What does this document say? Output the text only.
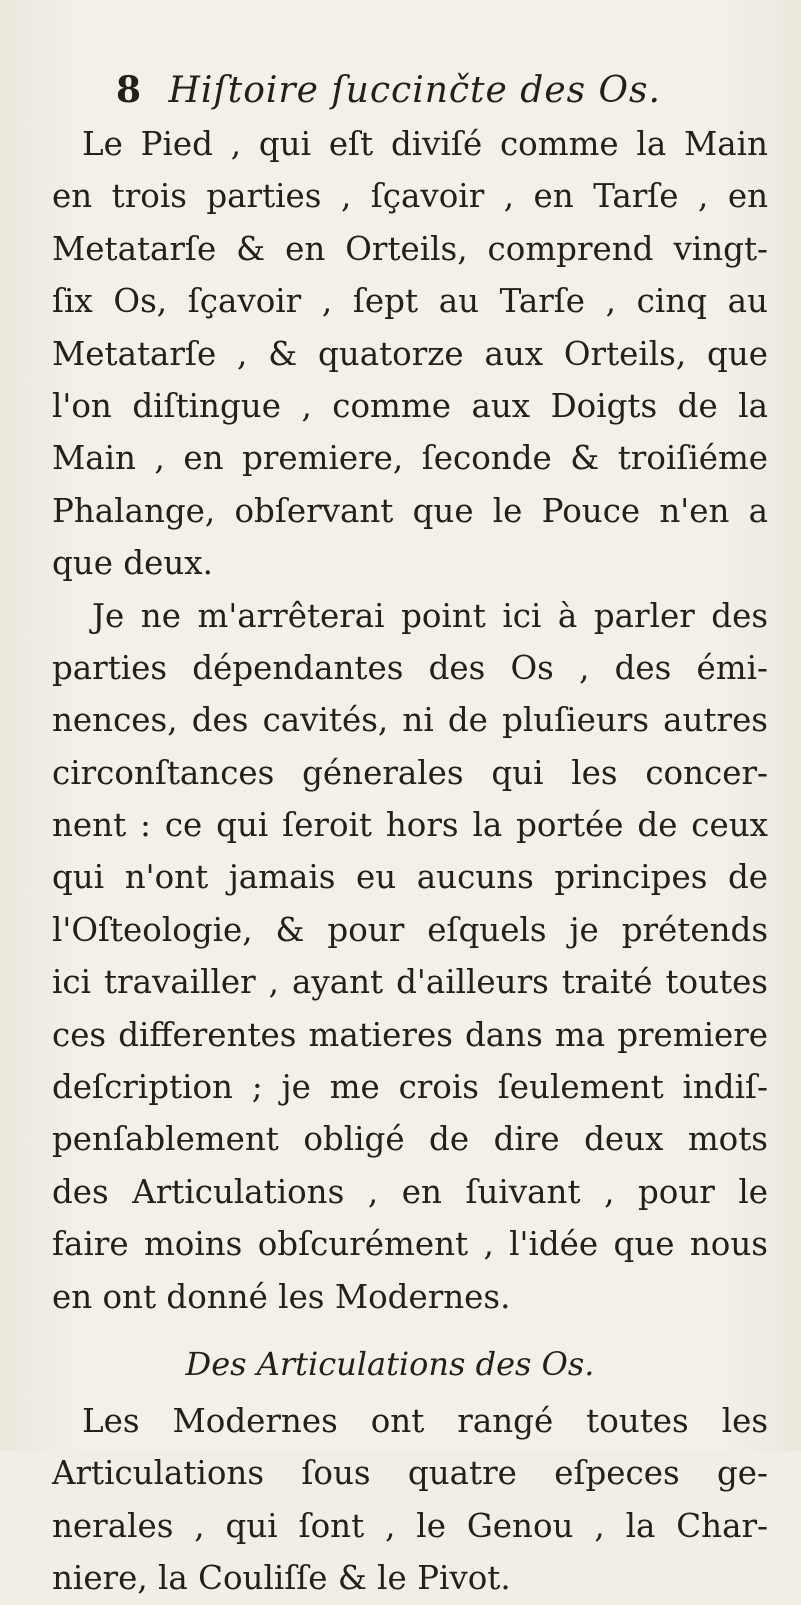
8 Hiſtoire ſuccinčte des Os.
Le Pied , qui eſt diviſé comme la Main
en trois parties , ſçavoir , en Tarſe , en
Metatarſe & en Orteils, comprend vingt-
ſix Os, ſçavoir , ſept au Tarſe , cinq au
Metatarſe , & quatorze aux Orteils, que
l'on diſtingue , comme aux Doigts de la
Main , en premiere, ſeconde & troiſiéme
Phalange, obſervant que le Pouce n'en a
que deux.
Je ne m'arrêterai point ici à parler des
parties dépendantes des Os , des émi-
nences, des cavités, ni de pluſieurs autres
circonſtances génerales qui les concer-
nent : ce qui ſeroit hors la portée de ceux
qui n'ont jamais eu aucuns principes de
l'Oſteologie, & pour eſquels je prétends
ici travailler , ayant d'ailleurs traité toutes
ces differentes matieres dans ma premiere
deſcription ; je me crois ſeulement indiſ-
penſablement obligé de dire deux mots
des Articulations , en ſuivant , pour le
faire moins obſcurément , l'idée que nous
en ont donné les Modernes.
Des Articulations des Os.
Les Modernes ont rangé toutes les
Articulations ſous quatre eſpeces ge-
nerales , qui ſont , le Genou , la Char-
niere, la Couliſſe & le Pivot.
